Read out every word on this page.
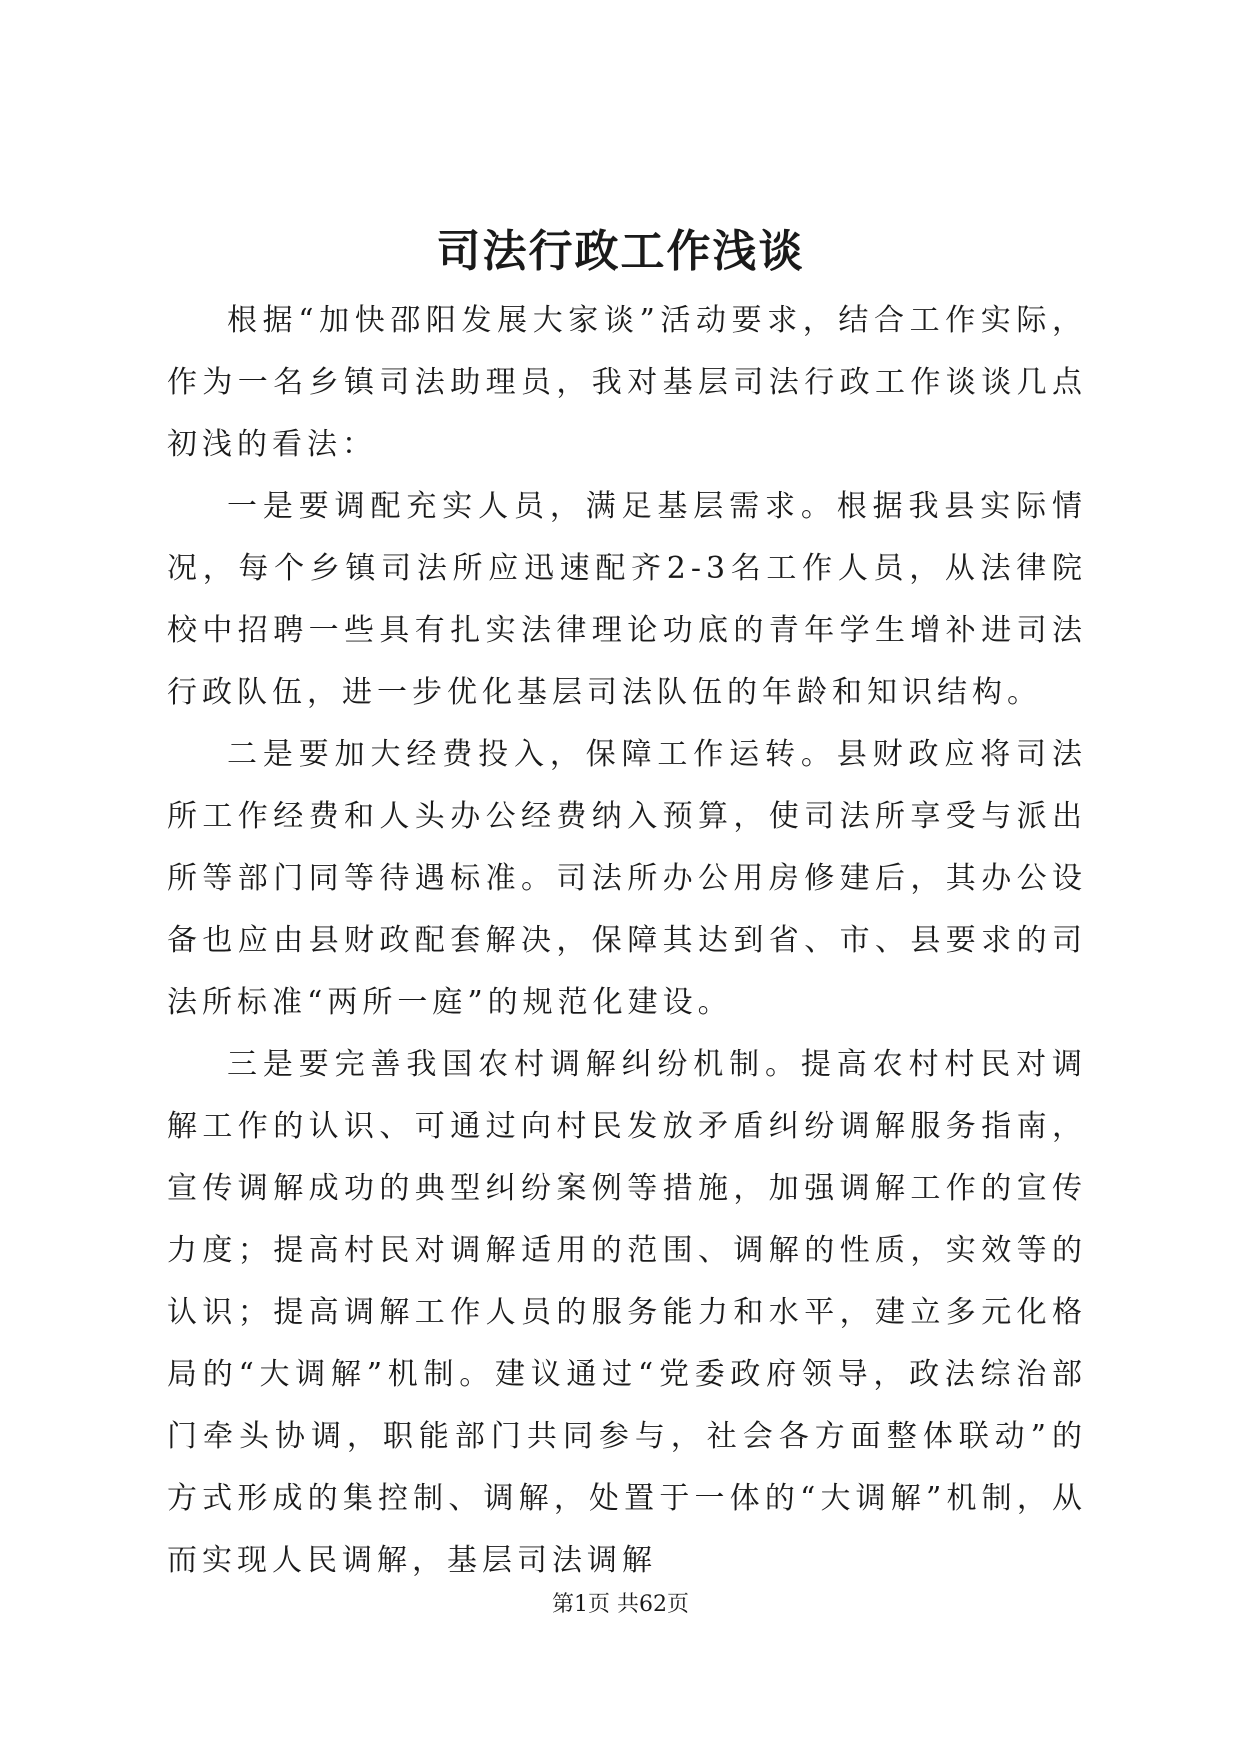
司法行政工作浅谈

根据“加快邵阳发展大家谈”活动要求，结合工作实际，作为一名乡镇司法助理员，我对基层司法行政工作谈谈几点初浅的看法：

一是要调配充实人员，满足基层需求。根据我县实际情况，每个乡镇司法所应迅速配齐2-3名工作人员，从法律院校中招聘一些具有扎实法律理论功底的青年学生增补进司法行政队伍，进一步优化基层司法队伍的年龄和知识结构。

二是要加大经费投入，保障工作运转。县财政应将司法所工作经费和人头办公经费纳入预算，使司法所享受与派出所等部门同等待遇标准。司法所办公用房修建后，其办公设备也应由县财政配套解决，保障其达到省、市、县要求的司法所标准“两所一庭”的规范化建设。

三是要完善我国农村调解纠纷机制。提高农村村民对调解工作的认识、可通过向村民发放矛盾纠纷调解服务指南，宣传调解成功的典型纠纷案例等措施，加强调解工作的宣传力度；提高村民对调解适用的范围、调解的性质，实效等的认识；提高调解工作人员的服务能力和水平，建立多元化格局的“大调解”机制。建议通过“党委政府领导，政法综治部门牵头协调，职能部门共同参与，社会各方面整体联动”的方式形成的集控制、调解，处置于一体的“大调解”机制，从而实现人民调解，基层司法调解

第1页 共62页
